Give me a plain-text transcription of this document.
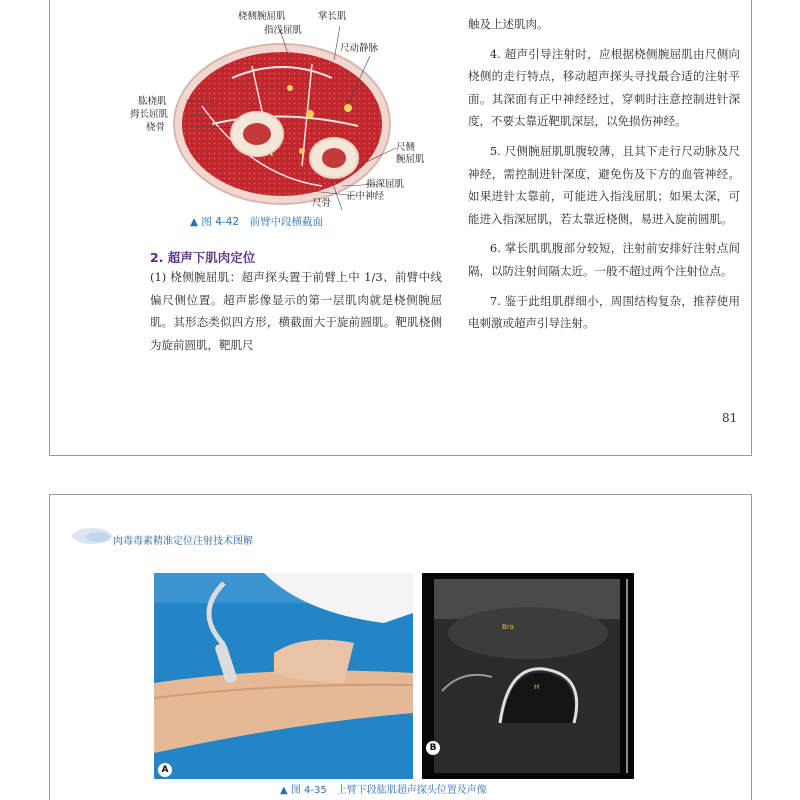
桡侧腕屈肌	掌长肌
指浅屈肌
尺动静脉
肱桡肌
拇长屈肌
桡骨
尺侧
腕屈肌
指深屈肌
正中神经
尺骨
▲ 图 4-42　前臂中段横截面
2. 超声下肌肉定位
(1) 桡侧腕屈肌：超声探头置于前臂上中 1/3、前臂中线偏尺侧位置。超声影像显示的第一层肌肉就是桡侧腕屈肌。其形态类似四方形，横截面大于旋前圆肌。靶肌桡侧为旋前圆肌，靶肌尺

触及上述肌肉。

4. 超声引导注射时，应根据桡侧腕屈肌由尺侧向桡侧的走行特点，移动超声探头寻找最合适的注射平面。其深面有正中神经经过，穿刺时注意控制进针深度，不要太靠近靶肌深层，以免损伤神经。

5. 尺侧腕屈肌肌腹较薄，且其下走行尺动脉及尺神经，需控制进针深度，避免伤及下方的血管神经。如果进针太靠前，可能进入指浅屈肌；如果太深，可能进入指深屈肌，若太靠近桡侧，易进入旋前圆肌。

6. 掌长肌肌腹部分较短，注射前安排好注射点间隔，以防注射间隔太近。一般不超过两个注射位点。

7. 鉴于此组肌群细小，周围结构复杂，推荐使用电刺激或超声引导注射。

81
肉毒毒素精准定位注射技术图解
A
Bra
H
B
▲ 图 4-35　上臂下段肱肌超声探头位置及声像
